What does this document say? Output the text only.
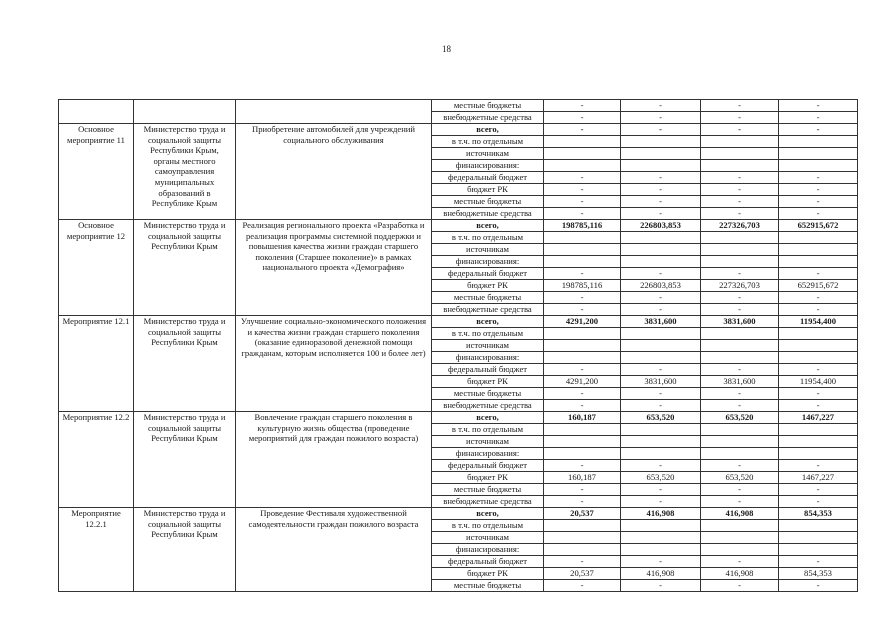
18
			местные бюджеты	-	-	-	-
			внебюджетные средства	-	-	-	-
Основное мероприятие 11	Министерство труда и социальной защиты Республики Крым, органы местного самоуправления муниципальных образований в Республике Крым	Приобретение автомобилей для учреждений социального обслуживания	всего,	-	-	-	-
			в т.ч. по отдельным				
			источникам				
			финансирования:				
			федеральный бюджет	-	-	-	-
			бюджет РК	-	-	-	-
			местные бюджеты	-	-	-	-
			внебюджетные средства	-	-	-	-
Основное мероприятие 12	Министерство труда и социальной защиты Республики Крым	Реализация регионального проекта «Разработка и реализация программы системной поддержки и повышения качества жизни граждан старшего поколения (Старшее поколение)» в рамках национального проекта «Демография»	всего,	198785,116	226803,853	227326,703	652915,672
			в т.ч. по отдельным				
			источникам				
			финансирования:				
			федеральный бюджет	-	-	-	-
			бюджет РК	198785,116	226803,853	227326,703	652915,672
			местные бюджеты	-	-	-	-
			внебюджетные средства	-	-	-	-
Мероприятие 12.1	Министерство труда и социальной защиты Республики Крым	Улучшение социально-экономического положения и качества жизни граждан старшего поколения (оказание единоразовой денежной помощи гражданам, которым исполняется 100 и более лет)	всего,	4291,200	3831,600	3831,600	11954,400
			в т.ч. по отдельным				
			источникам				
			финансирования:				
			федеральный бюджет	-	-	-	-
			бюджет РК	4291,200	3831,600	3831,600	11954,400
			местные бюджеты	-	-	-	-
			внебюджетные средства	-	-	-	-
Мероприятие 12.2	Министерство труда и социальной защиты Республики Крым	Вовлечение граждан старшего поколения в культурную жизнь общества (проведение мероприятий для граждан пожилого возраста)	всего,	160,187	653,520	653,520	1467,227
			в т.ч. по отдельным				
			источникам				
			финансирования:				
			федеральный бюджет	-	-	-	-
			бюджет РК	160,187	653,520	653,520	1467,227
			местные бюджеты	-	-	-	-
			внебюджетные средства	-	-	-	-
Мероприятие 12.2.1	Министерство труда и социальной защиты Республики Крым	Проведение Фестиваля художественной самодеятельности граждан пожилого возраста	всего,	20,537	416,908	416,908	854,353
			в т.ч. по отдельным				
			источникам				
			финансирования:				
			федеральный бюджет	-	-	-	-
			бюджет РК	20,537	416,908	416,908	854,353
			местные бюджеты	-	-	-	-
